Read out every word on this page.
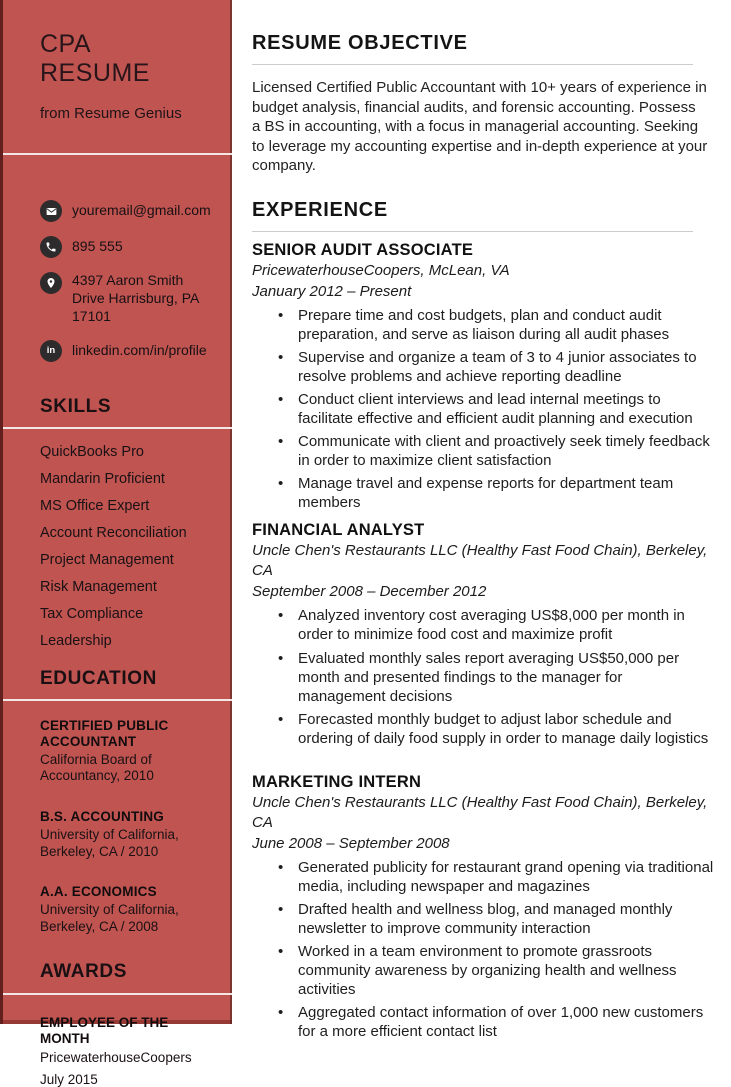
CPA
RESUME

from Resume Genius

youremail@gmail.com
895 555
4397 Aaron Smith Drive Harrisburg, PA 17101
in linkedin.com/in/profile
SKILLS
QuickBooks Pro
Mandarin Proficient
MS Office Expert
Account Reconciliation
Project Management
Risk Management
Tax Compliance
Leadership
EDUCATION
CERTIFIED PUBLIC ACCOUNTANT
California Board of Accountancy, 2010
B.S. ACCOUNTING
University of California, Berkeley, CA / 2010
A.A. ECONOMICS
University of California, Berkeley, CA / 2008
AWARDS
EMPLOYEE OF THE MONTH
PricewaterhouseCoopers
July 2015
RESUME OBJECTIVE

Licensed Certified Public Accountant with 10+ years of experience in budget analysis, financial audits, and forensic accounting. Possess a BS in accounting, with a focus in managerial accounting. Seeking to leverage my accounting expertise and in-depth experience at your company.

EXPERIENCE
SENIOR AUDIT ASSOCIATE
PricewaterhouseCoopers, McLean, VA
January 2012 – Present
• Prepare time and cost budgets, plan and conduct audit preparation, and serve as liaison during all audit phases
• Supervise and organize a team of 3 to 4 junior associates to resolve problems and achieve reporting deadline
• Conduct client interviews and lead internal meetings to facilitate effective and efficient audit planning and execution
• Communicate with client and proactively seek timely feedback in order to maximize client satisfaction
• Manage travel and expense reports for department team members
FINANCIAL ANALYST
Uncle Chen's Restaurants LLC (Healthy Fast Food Chain), Berkeley, CA
September 2008 – December 2012
• Analyzed inventory cost averaging US$8,000 per month in order to minimize food cost and maximize profit
• Evaluated monthly sales report averaging US$50,000 per month and presented findings to the manager for management decisions
• Forecasted monthly budget to adjust labor schedule and ordering of daily food supply in order to manage daily logistics
MARKETING INTERN
Uncle Chen's Restaurants LLC (Healthy Fast Food Chain), Berkeley, CA
June 2008 – September 2008
• Generated publicity for restaurant grand opening via traditional media, including newspaper and magazines
• Drafted health and wellness blog, and managed monthly newsletter to improve community interaction
• Worked in a team environment to promote grassroots community awareness by organizing health and wellness activities
• Aggregated contact information of over 1,000 new customers for a more efficient contact list
